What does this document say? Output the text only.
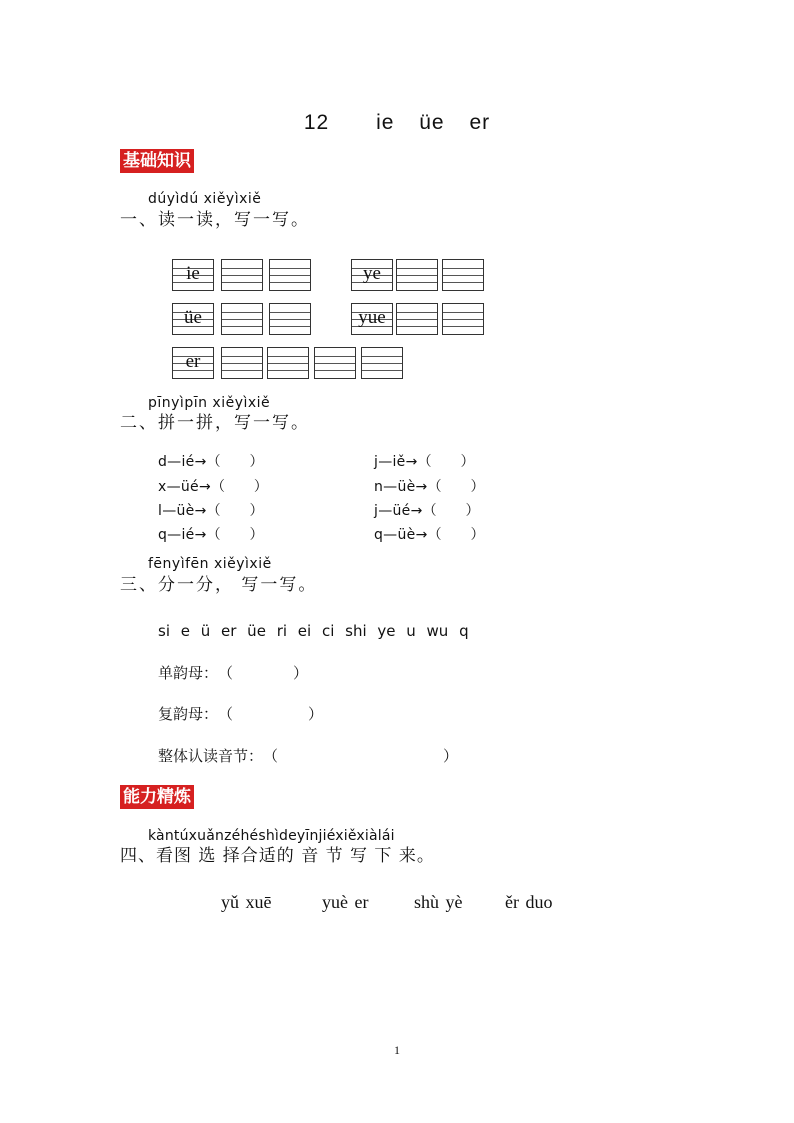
12　 ie üe er
基础知识
dúyìdú xiěyìxiě
一、读一读，写一写。
ie	ye
üe	yue
er
pīnyìpīn xiěyìxiě
二、拼一拼，写一写。
d—ié→（　　）	j—iě→（　　）
x—üé→（　　）	n—üè→（　　）
l—üè→（　　）	j—üé→（　　）
q—ié→（　　）	q—üè→（　　）
fēnyìfēn xiěyìxiě
三、分一分， 写一写。
si e ü er üe ri ei ci shi ye u wu q
单韵母：（　　　　）
复韵母：（　　　　　）
整体认读音节：（　　　　　　　　　　　）
能力精炼
kàntúxuǎnzéhéshìdeyīnjiéxiěxiàlái
四、看图 选 择合适的 音 节 写 下 来。
yǔ xuē	yuè er	shù yè ěr duo
1
